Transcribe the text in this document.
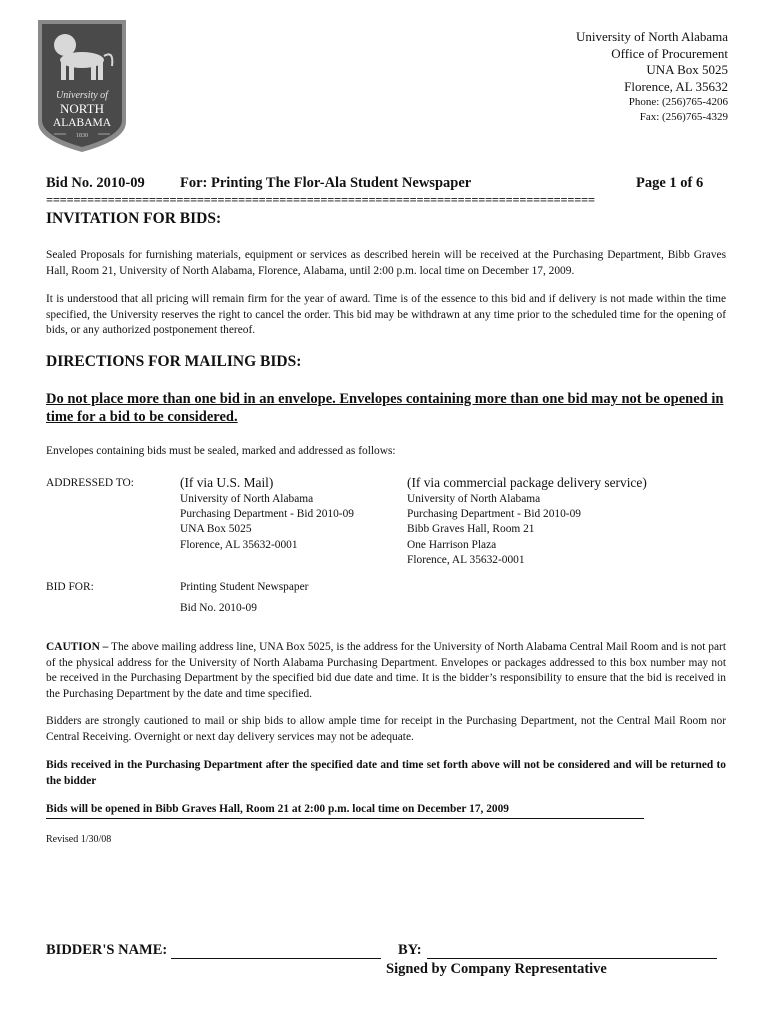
University of
NORTH
ALABAMA
1830
University of North Alabama
Office of Procurement
UNA Box 5025
Florence, AL 35632
Phone: (256)765-4206
Fax: (256)765-4329
Bid No. 2010-09 For: Printing The Flor-Ala Student Newspaper	Page 1 of 6
================================================================================
INVITATION FOR BIDS:
Sealed Proposals for furnishing materials, equipment or services as described herein will be received at the Purchasing Department, Bibb Graves Hall, Room 21, University of North Alabama, Florence, Alabama, until 2:00 p.m. local time on December 17, 2009.
It is understood that all pricing will remain firm for the year of award. Time is of the essence to this bid and if delivery is not made within the time specified, the University reserves the right to cancel the order. This bid may be withdrawn at any time prior to the scheduled time for the opening of bids, or any authorized postponement thereof.
DIRECTIONS FOR MAILING BIDS:
Do not place more than one bid in an envelope. Envelopes containing more than one bid may not be opened in time for a bid to be considered.
Envelopes containing bids must be sealed, marked and addressed as follows:
ADDRESSED TO:	(If via U.S. Mail)
University of North Alabama
Purchasing Department - Bid 2010-09
UNA Box 5025
Florence, AL 35632-0001
(If via commercial package delivery service)
University of North Alabama
Purchasing Department - Bid 2010-09
Bibb Graves Hall, Room 21
One Harrison Plaza
Florence, AL 35632-0001
BID FOR:	Printing Student Newspaper
Bid No. 2010-09
CAUTION – The above mailing address line, UNA Box 5025, is the address for the University of North Alabama Central Mail Room and is not part of the physical address for the University of North Alabama Purchasing Department. Envelopes or packages addressed to this box number may not be received in the Purchasing Department by the specified bid due date and time. It is the bidder’s responsibility to ensure that the bid is received in the Purchasing Department by the date and time specified.
Bidders are strongly cautioned to mail or ship bids to allow ample time for receipt in the Purchasing Department, not the Central Mail Room nor Central Receiving. Overnight or next day delivery services may not be adequate.
Bids received in the Purchasing Department after the specified date and time set forth above will not be considered and will be returned to the bidder
Bids will be opened in Bibb Graves Hall, Room 21 at 2:00 p.m. local time on December 17, 2009
Revised 1/30/08
BIDDER'S NAME:	BY:
Signed by Company Representative
